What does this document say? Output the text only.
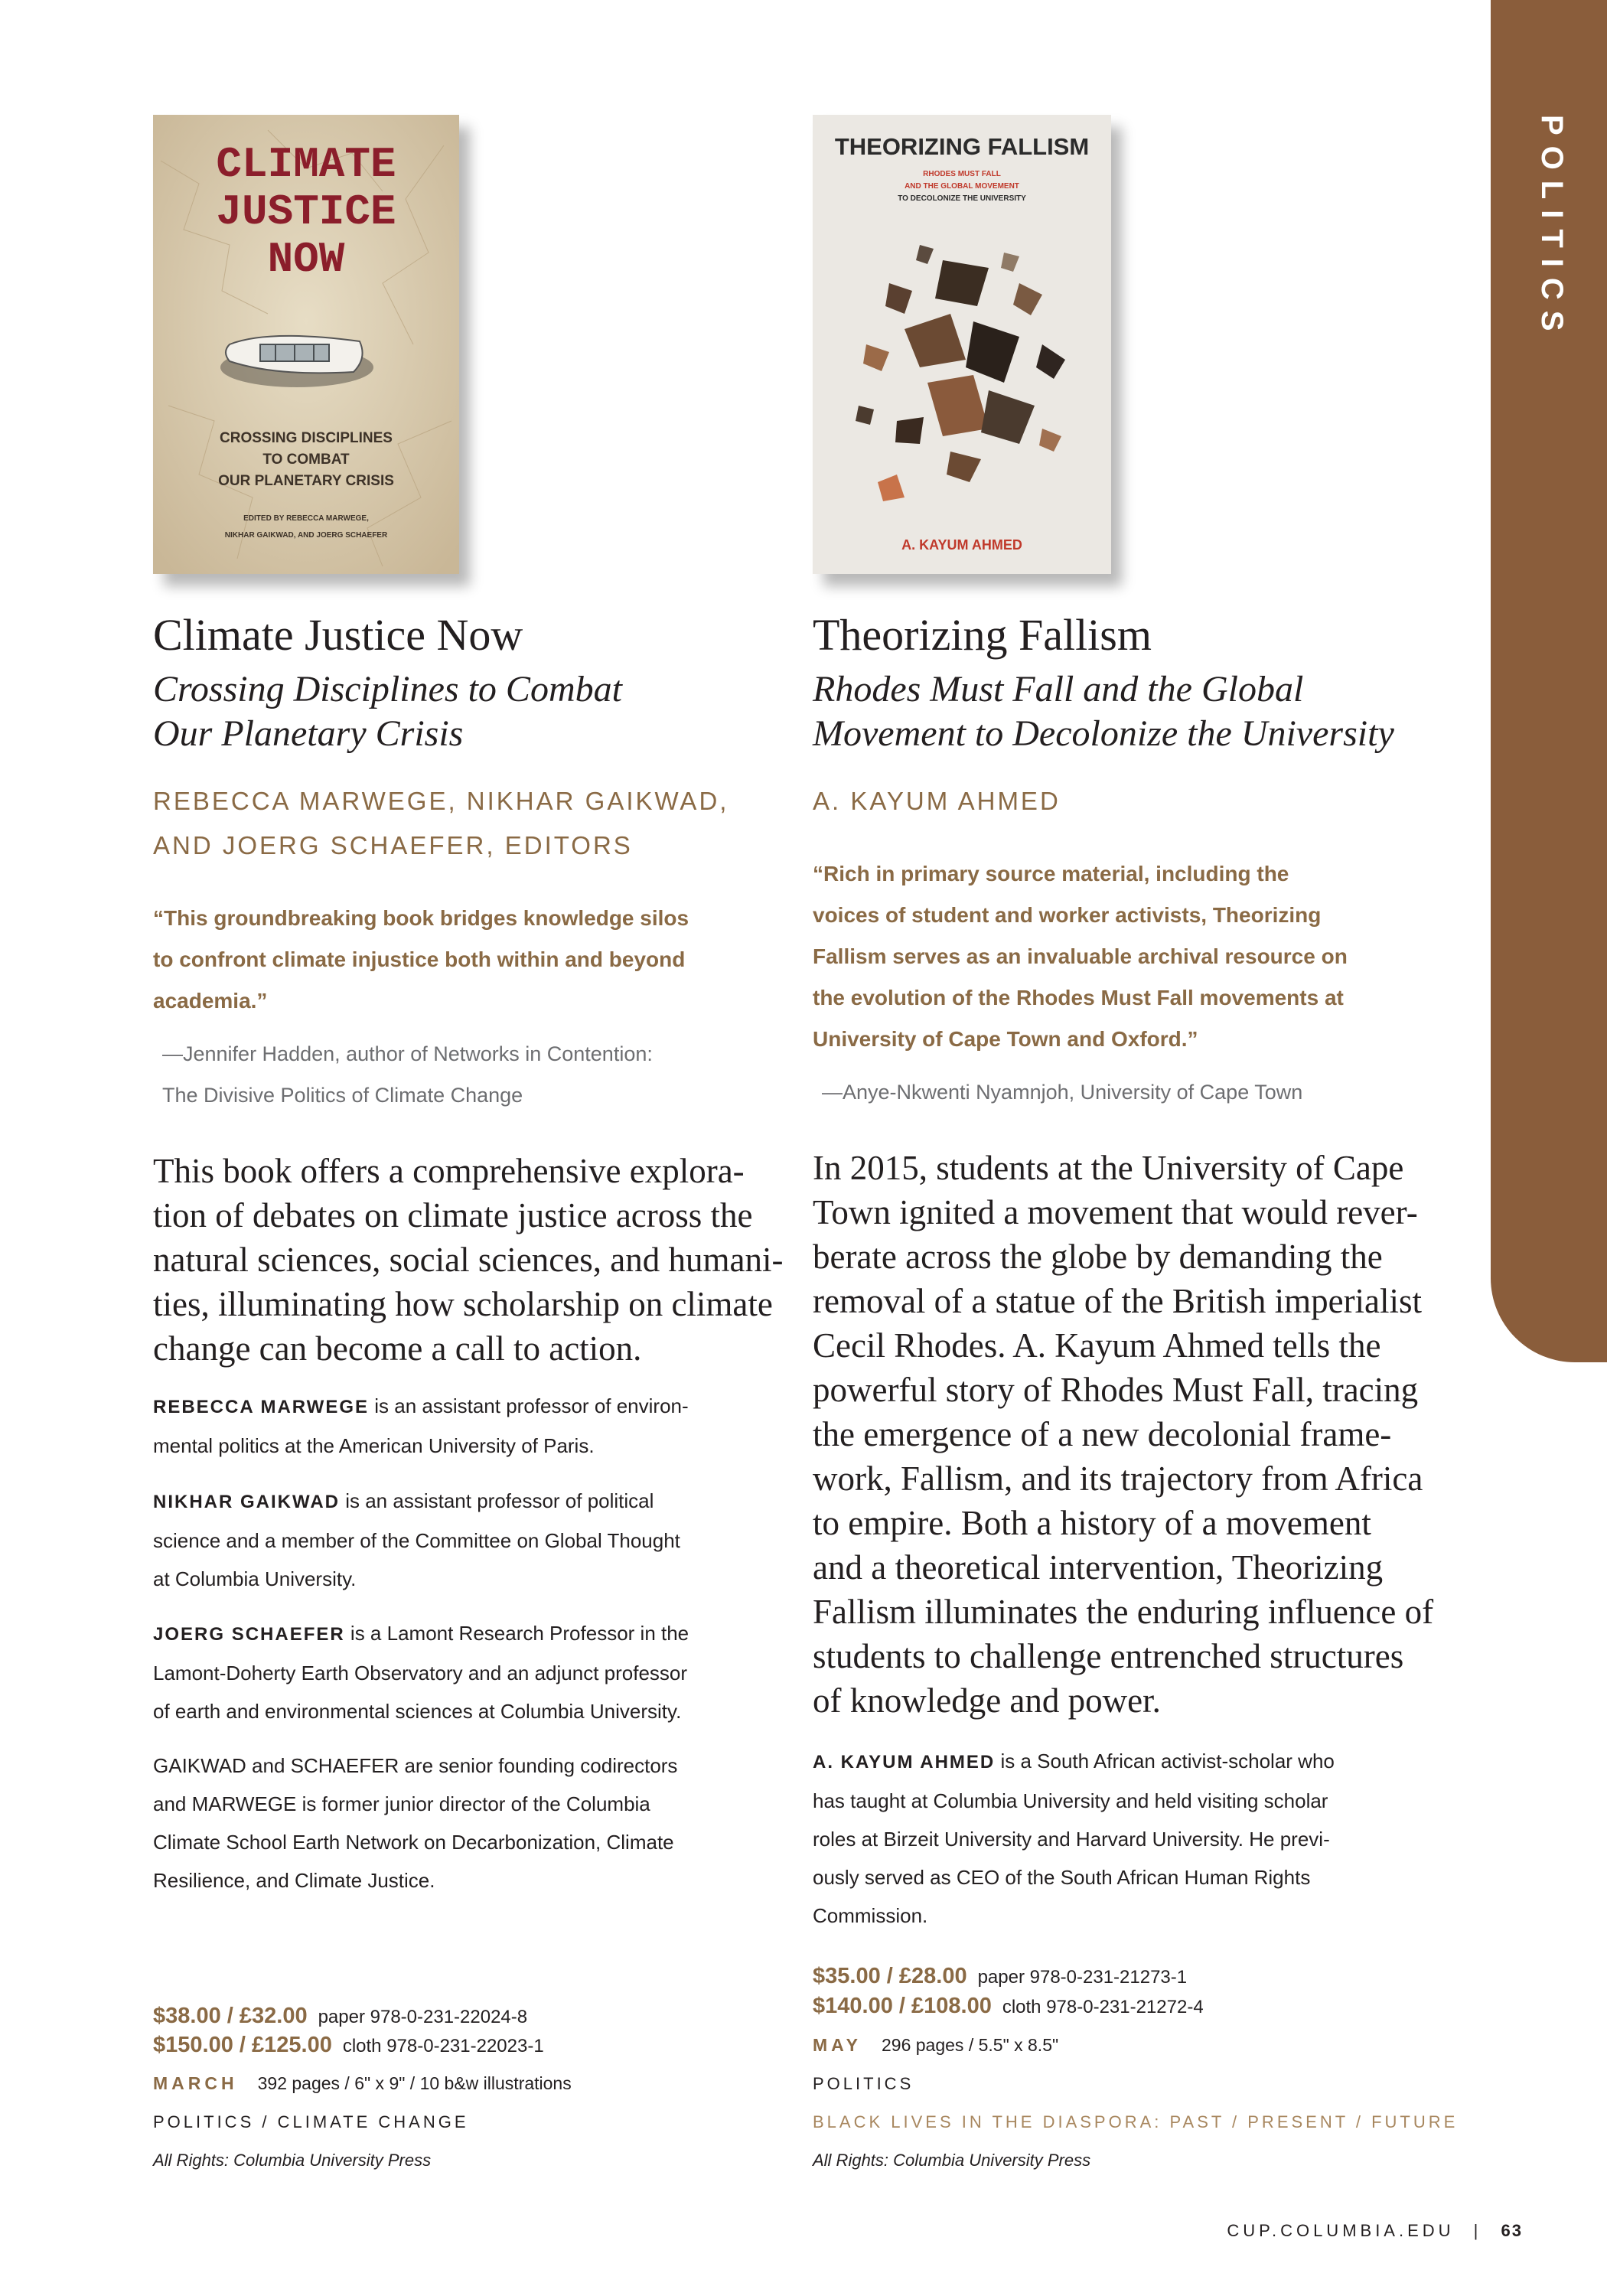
POLITICS
CLIMATE
JUSTICE
NOW
CROSSING DISCIPLINES
TO COMBAT
OUR PLANETARY CRISIS
EDITED BY REBECCA MARWEGE,
NIKHAR GAIKWAD, AND JOERG SCHAEFER
Climate Justice Now
Crossing Disciplines to Combat
Our Planetary Crisis
REBECCA MARWEGE, NIKHAR GAIKWAD,
AND JOERG SCHAEFER, EDITORS
“This groundbreaking book bridges knowledge silos
to confront climate injustice both within and beyond
academia.”
—Jennifer Hadden, author of Networks in Contention:
The Divisive Politics of Climate Change
This book offers a comprehensive explora-
tion of debates on climate justice across the
natural sciences, social sciences, and humani-
ties, illuminating how scholarship on climate
change can become a call to action.
REBECCA MARWEGE is an assistant professor of environ-
mental politics at the American University of Paris.
NIKHAR GAIKWAD is an assistant professor of political
science and a member of the Committee on Global Thought
at Columbia University.
JOERG SCHAEFER is a Lamont Research Professor in the
Lamont-Doherty Earth Observatory and an adjunct professor
of earth and environmental sciences at Columbia University.
GAIKWAD and SCHAEFER are senior founding codirectors
and MARWEGE is former junior director of the Columbia
Climate School Earth Network on Decarbonization, Climate
Resilience, and Climate Justice.
$38.00 / £32.00 paper 978-0-231-22024-8
$150.00 / £125.00 cloth 978-0-231-22023-1
MARCH 392 pages / 6" x 9" / 10 b&w illustrations
POLITICS / CLIMATE CHANGE
All Rights: Columbia University Press
THEORIZING FALLISM
RHODES MUST FALL
AND THE GLOBAL MOVEMENT
TO DECOLONIZE THE UNIVERSITY
A. KAYUM AHMED
Theorizing Fallism
Rhodes Must Fall and the Global
Movement to Decolonize the University
A. KAYUM AHMED
“Rich in primary source material, including the
voices of student and worker activists, Theorizing
Fallism serves as an invaluable archival resource on
the evolution of the Rhodes Must Fall movements at
University of Cape Town and Oxford.”
—Anye-Nkwenti Nyamnjoh, University of Cape Town
In 2015, students at the University of Cape
Town ignited a movement that would rever-
berate across the globe by demanding the
removal of a statue of the British imperialist
Cecil Rhodes. A. Kayum Ahmed tells the
powerful story of Rhodes Must Fall, tracing
the emergence of a new decolonial frame-
work, Fallism, and its trajectory from Africa
to empire. Both a history of a movement
and a theoretical intervention, Theorizing
Fallism illuminates the enduring influence of
students to challenge entrenched structures
of knowledge and power.
A. KAYUM AHMED is a South African activist-scholar who
has taught at Columbia University and held visiting scholar
roles at Birzeit University and Harvard University. He previ-
ously served as CEO of the South African Human Rights
Commission.
$35.00 / £28.00 paper 978-0-231-21273-1
$140.00 / £108.00 cloth 978-0-231-21272-4
MAY 296 pages / 5.5" x 8.5"
POLITICS
BLACK LIVES IN THE DIASPORA: PAST / PRESENT / FUTURE
All Rights: Columbia University Press
CUP.COLUMBIA.EDU | 63
